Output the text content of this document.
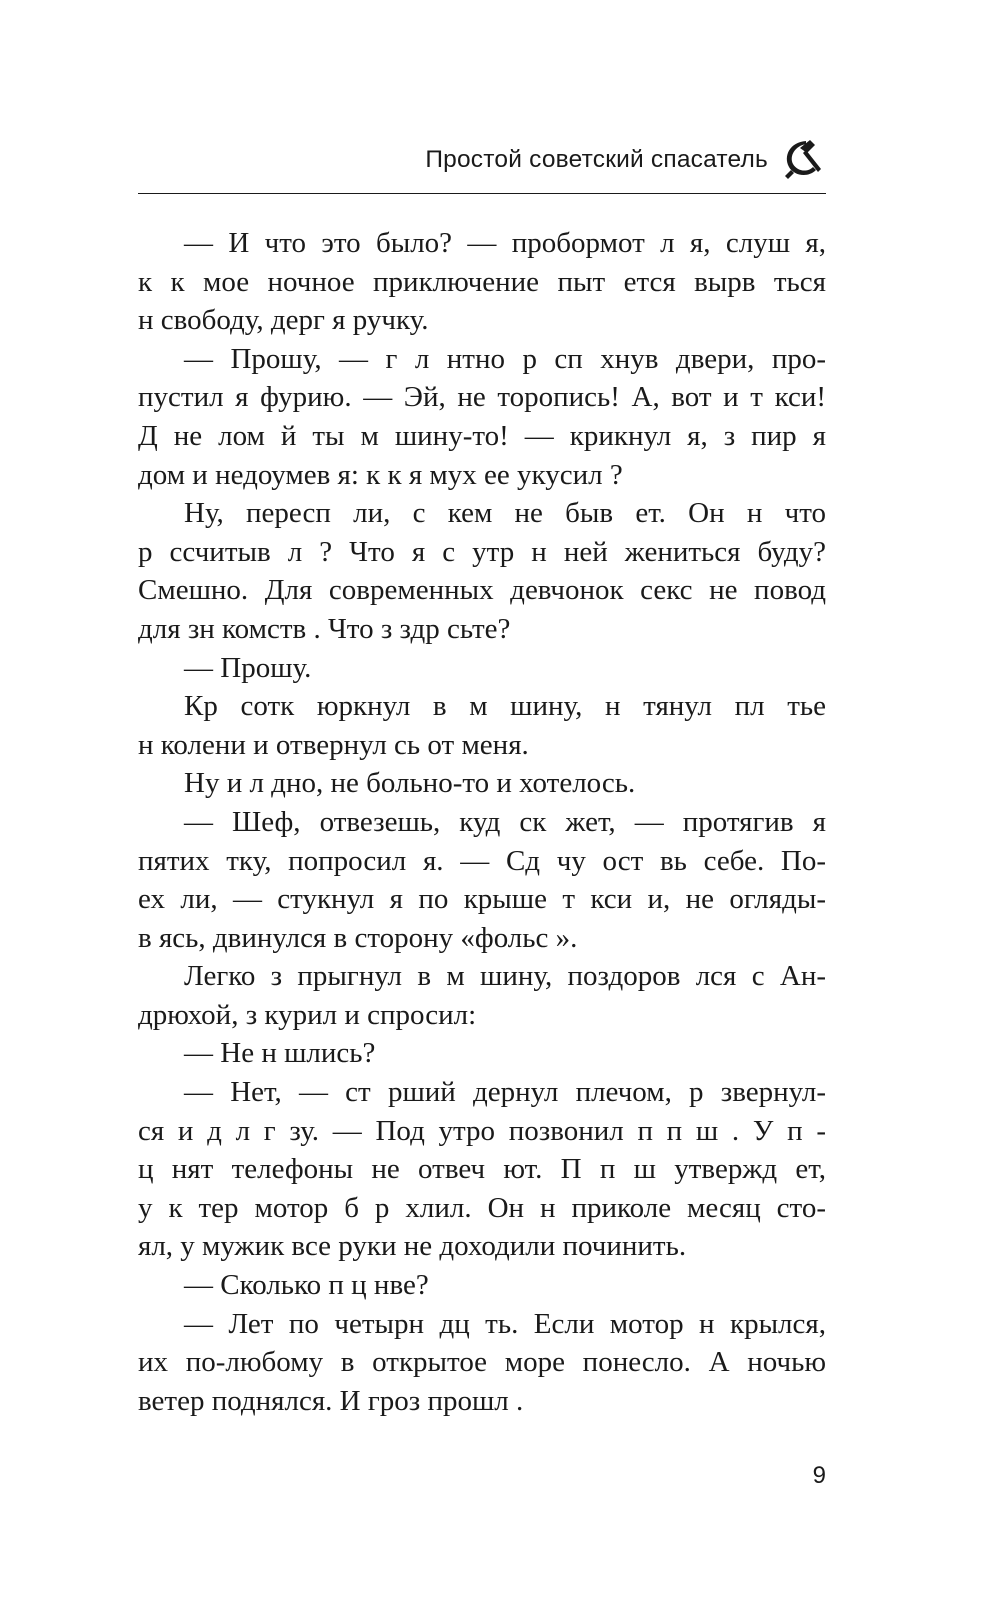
Простой советский спасатель
— И что это было? — пробормот л я, слуш я,
к к мое ночное приключение пыт ется вырв ться
н свободу, дерг я ручку.
— Прошу, — г л нтно р сп хнув двери, про-
пустил я фурию. — Эй, не торопись! А, вот и т кси!
Д не лом й ты м шину-то! — крикнул я, з пир я
дом и недоумев я: к к я мух ее укусил ?
Ну, пересп ли, с кем не быв ет. Он н что
р ссчитыв л ? Что я с утр н ней жениться буду?
Смешно. Для современных девчонок секс не повод
для зн комств . Что з здр сьте?
— Прошу.
Кр сотк юркнул в м шину, н тянул пл тье
н колени и отвернул сь от меня.
Ну и л дно, не больно-то и хотелось.
— Шеф, отвезешь, куд ск жет, — протягив я
пятих тку, попросил я. — Сд чу ост вь себе. По-
ех ли, — стукнул я по крыше т кси и, не огляды-
в ясь, двинулся в сторону «фольс ».
Легко з прыгнул в м шину, поздоров лся с Ан-
дрюхой, з курил и спросил:
— Не н шлись?
— Нет, — ст рший дернул плечом, р звернул-
ся и д л г зу. — Под утро позвонил п п ш . У п -
ц нят телефоны не отвеч ют. П п ш утвержд ет,
у к тер мотор б р хлил. Он н приколе месяц сто-
ял, у мужик все руки не доходили починить.
— Сколько п ц нве?
— Лет по четырн дц ть. Если мотор н крылся,
их по-любому в открытое море понесло. А ночью
ветер поднялся. И гроз прошл .
9
